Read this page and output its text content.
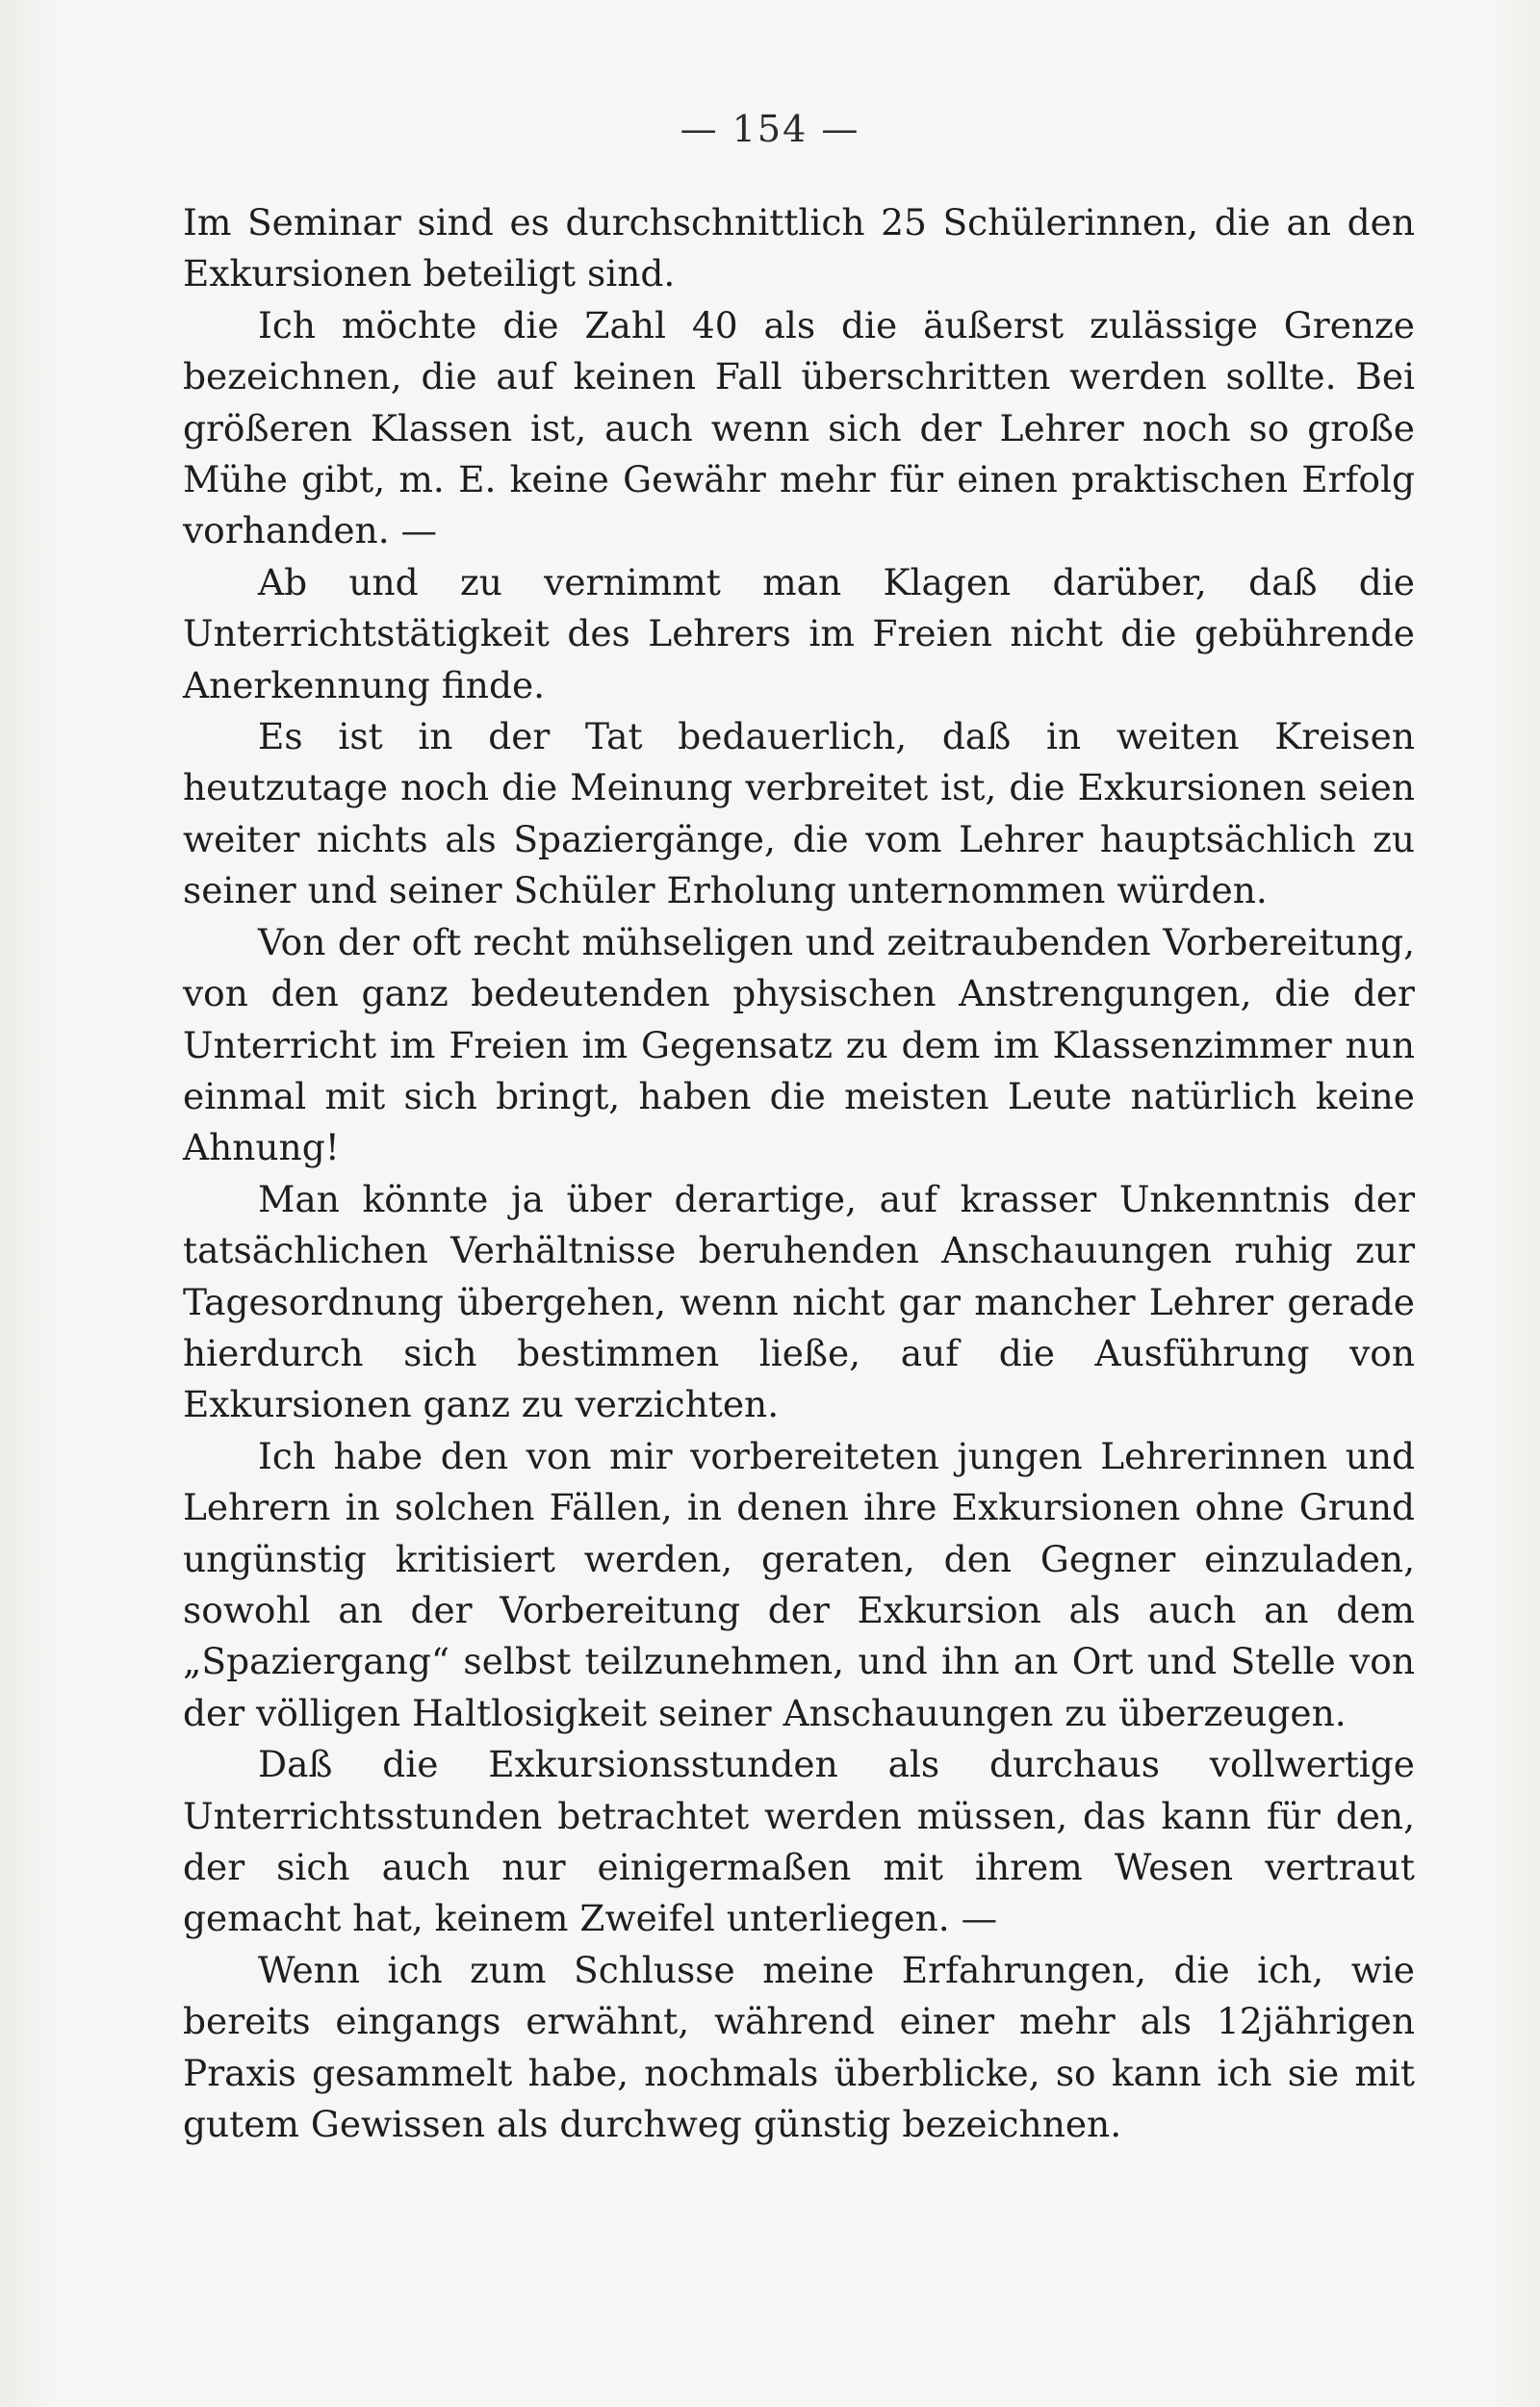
— 154 —

Im Seminar sind es durchschnittlich 25 Schülerinnen, die an den Exkursionen beteiligt sind.

Ich möchte die Zahl 40 als die äußerst zulässige Grenze bezeichnen, die auf keinen Fall überschritten werden sollte. Bei größeren Klassen ist, auch wenn sich der Lehrer noch so große Mühe gibt, m. E. keine Gewähr mehr für einen praktischen Erfolg vorhanden. —

Ab und zu vernimmt man Klagen darüber, daß die Unterrichtstätigkeit des Lehrers im Freien nicht die gebührende Anerkennung finde.

Es ist in der Tat bedauerlich, daß in weiten Kreisen heutzutage noch die Meinung verbreitet ist, die Exkursionen seien weiter nichts als Spaziergänge, die vom Lehrer hauptsächlich zu seiner und seiner Schüler Erholung unternommen würden.

Von der oft recht mühseligen und zeitraubenden Vorbereitung, von den ganz bedeutenden physischen Anstrengungen, die der Unterricht im Freien im Gegensatz zu dem im Klassenzimmer nun einmal mit sich bringt, haben die meisten Leute natürlich keine Ahnung!

Man könnte ja über derartige, auf krasser Unkenntnis der tatsächlichen Verhältnisse beruhenden Anschauungen ruhig zur Tagesordnung übergehen, wenn nicht gar mancher Lehrer gerade hierdurch sich bestimmen ließe, auf die Ausführung von Exkursionen ganz zu verzichten.

Ich habe den von mir vorbereiteten jungen Lehrerinnen und Lehrern in solchen Fällen, in denen ihre Exkursionen ohne Grund ungünstig kritisiert werden, geraten, den Gegner einzuladen, sowohl an der Vorbereitung der Exkursion als auch an dem „Spaziergang“ selbst teilzunehmen, und ihn an Ort und Stelle von der völligen Haltlosigkeit seiner Anschauungen zu überzeugen.

Daß die Exkursionsstunden als durchaus vollwertige Unterrichtsstunden betrachtet werden müssen, das kann für den, der sich auch nur einigermaßen mit ihrem Wesen vertraut gemacht hat, keinem Zweifel unterliegen. —

Wenn ich zum Schlusse meine Erfahrungen, die ich, wie bereits eingangs erwähnt, während einer mehr als 12jährigen Praxis gesammelt habe, nochmals überblicke, so kann ich sie mit gutem Gewissen als durchweg günstig bezeichnen.
